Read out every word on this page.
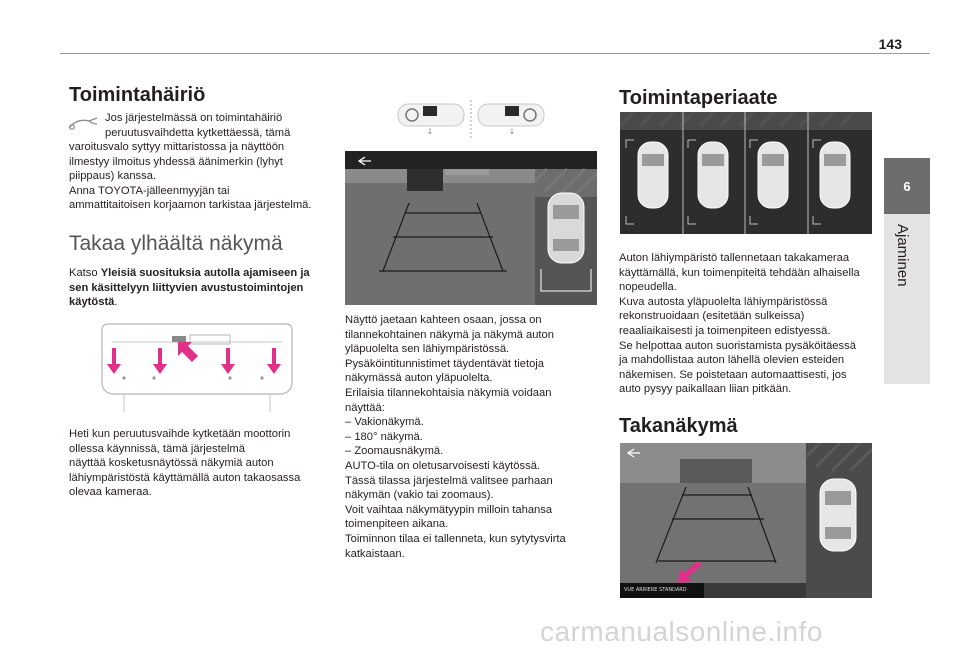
143
6
Ajaminen
Toimintahäiriö
Jos järjestelmässä on toimintahäiriö
peruutusvaihdetta kytkettäessä, tämä
varoitusvalo syttyy mittaristossa ja näyttöön
ilmestyy ilmoitus yhdessä äänimerkin (lyhyt
piippaus) kanssa.
Anna TOYOTA-jälleenmyyjän tai
ammattitaitoisen korjaamon tarkistaa järjestelmä.
Takaa ylhäältä näkymä
Katso Yleisiä suosituksia autolla ajamiseen ja sen käsittelyyn liittyvien avustustoimintojen käytöstä.
Heti kun peruutusvaihde kytketään moottorin
ollessa käynnissä, tämä järjestelmä
näyttää kosketusnäytössä näkymiä auton
lähiympäristöstä käyttämällä auton takaosassa
olevaa kameraa.
↓	↓
Näyttö jaetaan kahteen osaan, jossa on
tilannekohtainen näkymä ja näkymä auton
yläpuolelta sen lähiympäristössä.
Pysäköintitunnistimet täydentävät tietoja
näkymässä auton yläpuolelta.
Erilaisia tilannekohtaisia näkymiä voidaan
näyttää:
– Vakionäkymä.
– 180° näkymä.
– Zoomausnäkymä.
AUTO-tila on oletusarvoisesti käytössä.
Tässä tilassa järjestelmä valitsee parhaan
näkymän (vakio tai zoomaus).
Voit vaihtaa näkymätyypin milloin tahansa
toimenpiteen aikana.
Toiminnon tilaa ei tallenneta, kun sytytysvirta
katkaistaan.
Toimintaperiaate
Auton lähiympäristö tallennetaan takakameraa
käyttämällä, kun toimenpiteitä tehdään alhaisella
nopeudella.
Kuva autosta yläpuolelta lähiympäristössä
rekonstruoidaan (esitetään sulkeissa)
reaaliaikaisesti ja toimenpiteen edistyessä.
Se helpottaa auton suoristamista pysäköitäessä
ja mahdollistaa auton lähellä olevien esteiden
näkemisen. Se poistetaan automaattisesti, jos
auto pysyy paikallaan liian pitkään.
Takanäkymä
VUE ARRIERE STANDARD
carmanualsonline.info
